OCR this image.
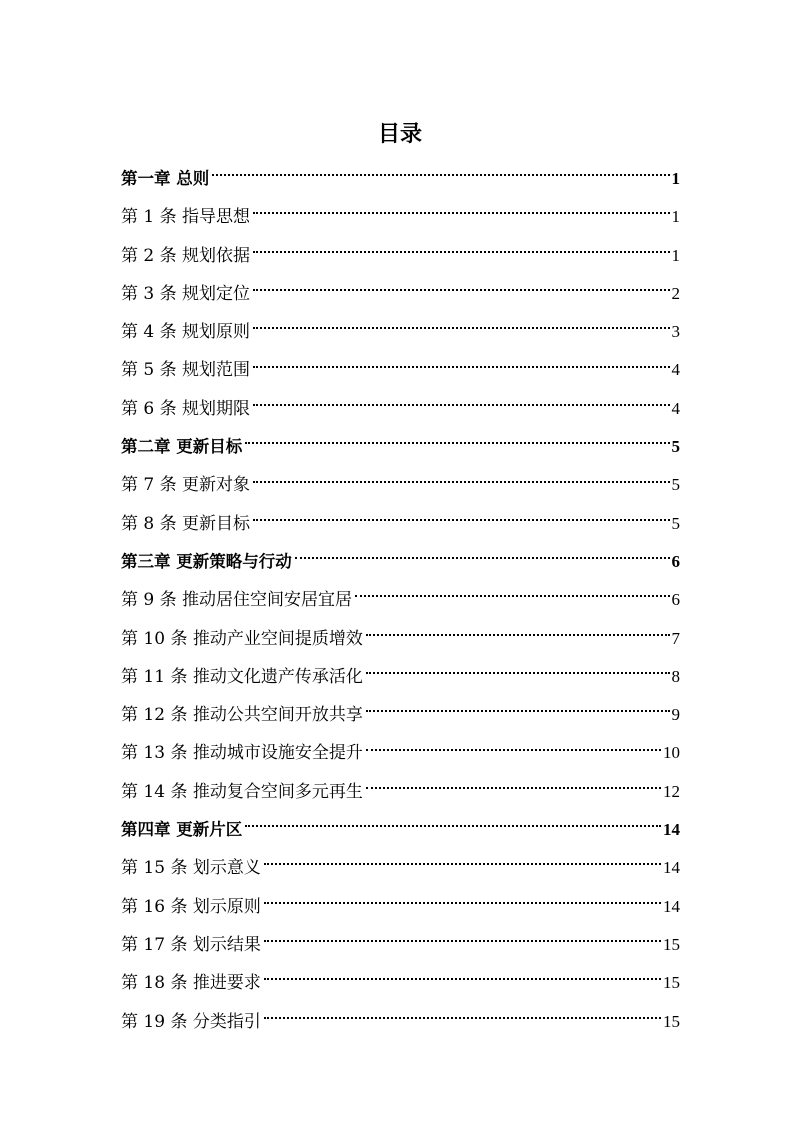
目录
第一章 总则	1
第 1 条 指导思想	1
第 2 条 规划依据	1
第 3 条 规划定位	2
第 4 条 规划原则	3
第 5 条 规划范围	4
第 6 条 规划期限	4
第二章 更新目标	5
第 7 条 更新对象	5
第 8 条 更新目标	5
第三章 更新策略与行动	6
第 9 条 推动居住空间安居宜居	6
第 10 条 推动产业空间提质增效	7
第 11 条 推动文化遗产传承活化	8
第 12 条 推动公共空间开放共享	9
第 13 条 推动城市设施安全提升	10
第 14 条 推动复合空间多元再生	12
第四章 更新片区	14
第 15 条 划示意义	14
第 16 条 划示原则	14
第 17 条 划示结果	15
第 18 条 推进要求	15
第 19 条 分类指引	15
